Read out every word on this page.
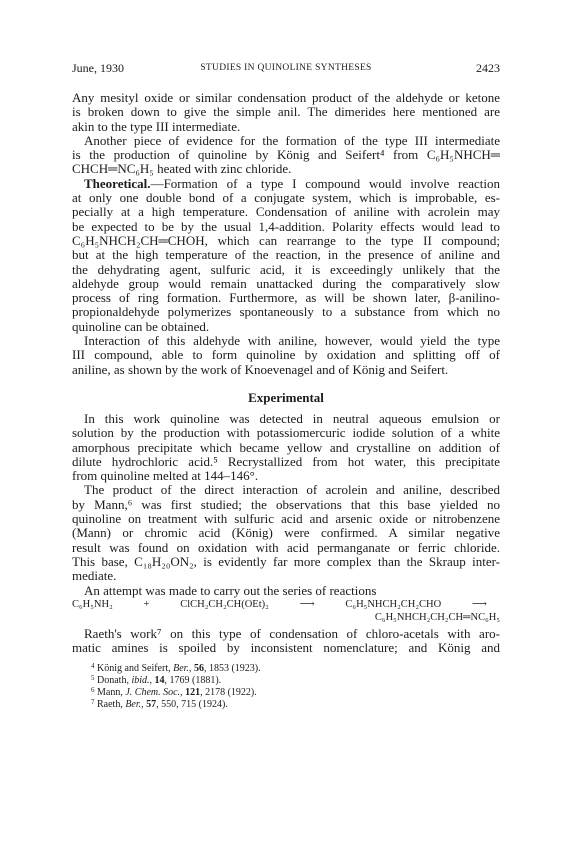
June, 1930	STUDIES IN QUINOLINE SYNTHESES	2423
Any mesityl oxide or similar condensation product of the aldehyde or ketone
is broken down to give the simple anil. The dimerides here mentioned are
akin to the type III intermediate.
Another piece of evidence for the formation of the type III intermediate
is the production of quinoline by König and Seifert⁴ from C₆H₅NHCH═
CHCH═NC₆H₅ heated with zinc chloride.
Theoretical.—Formation of a type I compound would involve reaction
at only one double bond of a conjugate system, which is improbable, es-
pecially at a high temperature. Condensation of aniline with acrolein may
be expected to be by the usual 1,4-addition. Polarity effects would lead to
C₆H₅NHCH₂CH═CHOH, which can rearrange to the type II compound;
but at the high temperature of the reaction, in the presence of aniline and
the dehydrating agent, sulfuric acid, it is exceedingly unlikely that the
aldehyde group would remain unattacked during the comparatively slow
process of ring formation. Furthermore, as will be shown later, β-anilino-
propionaldehyde polymerizes spontaneously to a substance from which no
quinoline can be obtained.
Interaction of this aldehyde with aniline, however, would yield the type
III compound, able to form quinoline by oxidation and splitting off of
aniline, as shown by the work of Knoevenagel and of König and Seifert.
Experimental
In this work quinoline was detected in neutral aqueous emulsion or
solution by the production with potassiomercuric iodide solution of a white
amorphous precipitate which became yellow and crystalline on addition of
dilute hydrochloric acid.⁵ Recrystallized from hot water, this precipitate
from quinoline melted at 144–146°.
The product of the direct interaction of acrolein and aniline, described
by Mann,⁶ was first studied; the observations that this base yielded no
quinoline on treatment with sulfuric acid and arsenic oxide or nitrobenzene
(Mann) or chromic acid (König) were confirmed. A similar negative
result was found on oxidation with acid permanganate or ferric chloride.
This base, C₁₈H₂₀ON₂, is evidently far more complex than the Skraup inter-
mediate.
An attempt was made to carry out the series of reactions
C₆H₅NH₂ + ClCH₂CH₂CH(OEt)₂ ⟶ C₆H₅NHCH₂CH₂CHO ⟶
C₆H₅NHCH₂CH₂CH═NC₆H₅
Raeth's work⁷ on this type of condensation of chloro-acetals with aro-
matic amines is spoiled by inconsistent nomenclature; and König and
$^4$ König and Seifert, Ber., 56, 1853 (1923).
$^5$ Donath, ibid., 14, 1769 (1881).
$^6$ Mann, J. Chem. Soc., 121, 2178 (1922).
$^7$ Raeth, Ber., 57, 550, 715 (1924).
